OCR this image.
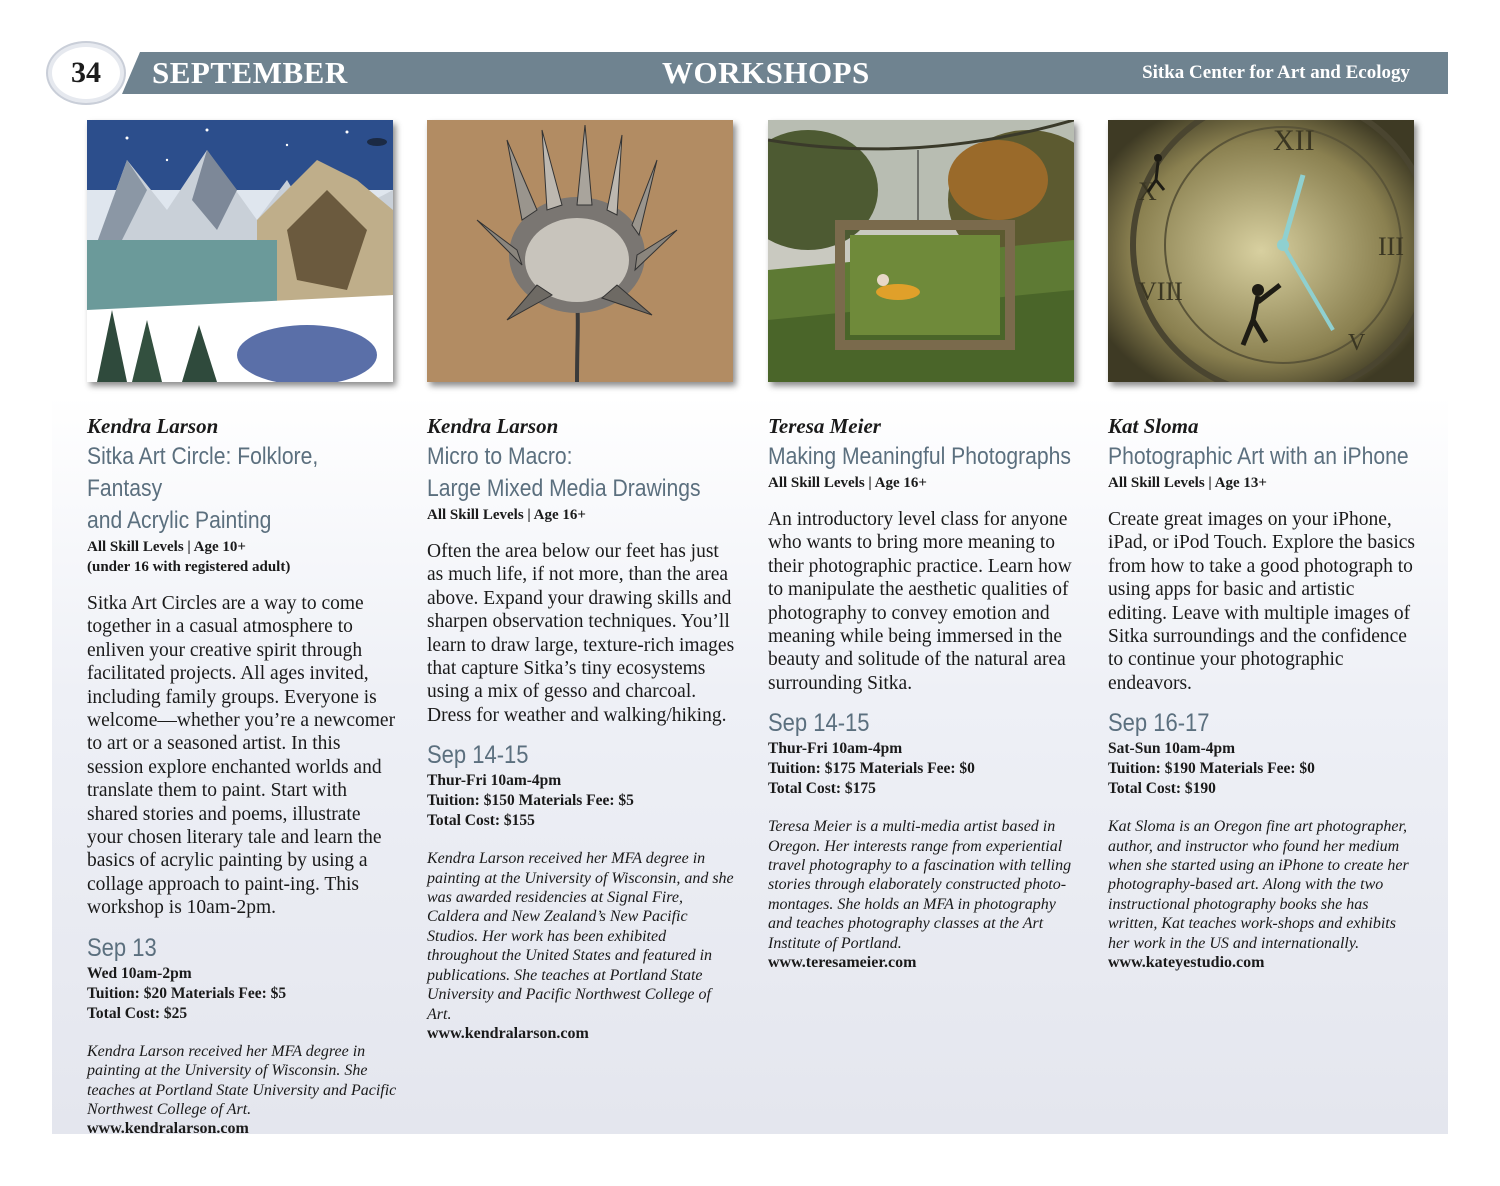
34	SEPTEMBER	WORKSHOPS	Sitka Center for Art and Ecology
Kendra Larson
Sitka Art Circle: Folklore, Fantasy
and Acrylic Painting
All Skill Levels | Age 10+
(under 16 with registered adult)
Sitka Art Circles are a way to come together in a casual atmosphere to enliven your creative spirit through facilitated projects. All ages invited, including family groups. Everyone is welcome—whether you’re a newcomer to art or a seasoned artist. In this session explore enchanted worlds and translate them to paint. Start with shared stories and poems, illustrate your chosen literary tale and learn the basics of acrylic painting by using a collage approach to paint-ing. This workshop is 10am-2pm.
Sep 13
Wed 10am-2pm
Tuition: $20 Materials Fee: $5
Total Cost: $25
Kendra Larson received her MFA degree in painting at the University of Wisconsin. She teaches at Portland State University and Pacific Northwest College of Art.
www.kendralarson.com
Kendra Larson
Micro to Macro:
Large Mixed Media Drawings
All Skill Levels | Age 16+
Often the area below our feet has just as much life, if not more, than the area above. Expand your drawing skills and sharpen observation techniques. You’ll learn to draw large, texture-rich images that capture Sitka’s tiny ecosystems using a mix of gesso and charcoal. Dress for weather and walking/hiking.
Sep 14-15
Thur-Fri 10am-4pm
Tuition: $150 Materials Fee: $5
Total Cost: $155
Kendra Larson received her MFA degree in painting at the University of Wisconsin, and she was awarded residencies at Signal Fire, Caldera and New Zealand’s New Pacific Studios. Her work has been exhibited throughout the United States and featured in publications. She teaches at Portland State University and Pacific Northwest College of Art.
www.kendralarson.com
Teresa Meier
Making Meaningful Photographs
All Skill Levels | Age 16+
An introductory level class for anyone who wants to bring more meaning to their photographic practice. Learn how to manipulate the aesthetic qualities of photography to convey emotion and meaning while being immersed in the beauty and solitude of the natural area surrounding Sitka.
Sep 14-15
Thur-Fri 10am-4pm
Tuition: $175 Materials Fee: $0
Total Cost: $175
Teresa Meier is a multi-media artist based in Oregon. Her interests range from experiential travel photography to a fascination with telling stories through elaborately constructed photo-montages. She holds an MFA in photography and teaches photography classes at the Art Institute of Portland.
www.teresameier.com
XII
III
X
VIII
V
Kat Sloma
Photographic Art with an iPhone
All Skill Levels | Age 13+
Create great images on your iPhone, iPad, or iPod Touch. Explore the basics from how to take a good photograph to using apps for basic and artistic editing. Leave with multiple images of Sitka surroundings and the confidence to continue your photographic endeavors.
Sep 16-17
Sat-Sun 10am-4pm
Tuition: $190 Materials Fee: $0
Total Cost: $190
Kat Sloma is an Oregon fine art photographer, author, and instructor who found her medium when she started using an iPhone to create her photography-based art. Along with the two instructional photography books she has written, Kat teaches work-shops and exhibits her work in the US and internationally.
www.kateyestudio.com
